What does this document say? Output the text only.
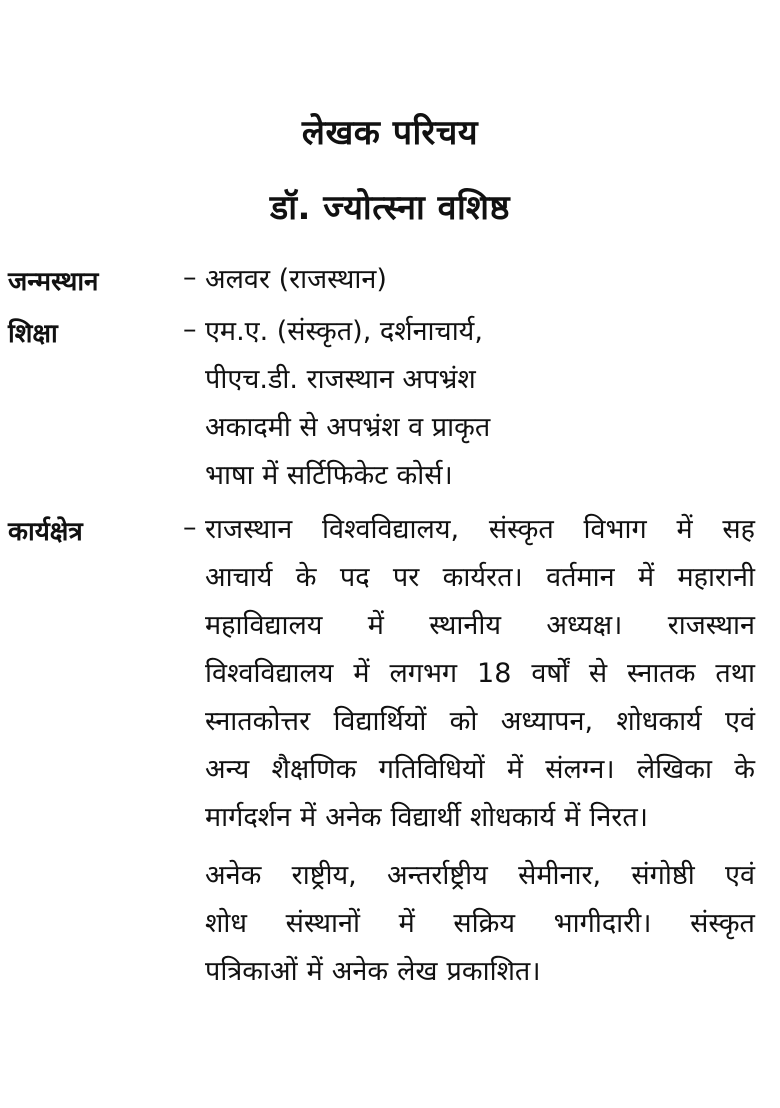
लेखक परिचय
डॉ. ज्योत्स्ना वशिष्ठ
जन्मस्थान	– अलवर (राजस्थान)
शिक्षा	– एम.ए. (संस्कृत), दर्शनाचार्य,
पीएच.डी. राजस्थान अपभ्रंश
अकादमी से अपभ्रंश व प्राकृत
भाषा में सर्टिफिकेट कोर्स।
कार्यक्षेत्र	– राजस्थान विश्वविद्यालय, संस्कृत विभाग में सह
आचार्य के पद पर कार्यरत। वर्तमान में महारानी
महाविद्यालय में स्थानीय अध्यक्ष। राजस्थान
विश्वविद्यालय में लगभग 18 वर्षों से स्नातक तथा
स्नातकोत्तर विद्यार्थियों को अध्यापन, शोधकार्य एवं
अन्य शैक्षणिक गतिविधियों में संलग्न। लेखिका के
मार्गदर्शन में अनेक विद्यार्थी शोधकार्य में निरत।
अनेक राष्ट्रीय, अन्तर्राष्ट्रीय सेमीनार, संगोष्ठी एवं
शोध संस्थानों में सक्रिय भागीदारी। संस्कृत
पत्रिकाओं में अनेक लेख प्रकाशित।
